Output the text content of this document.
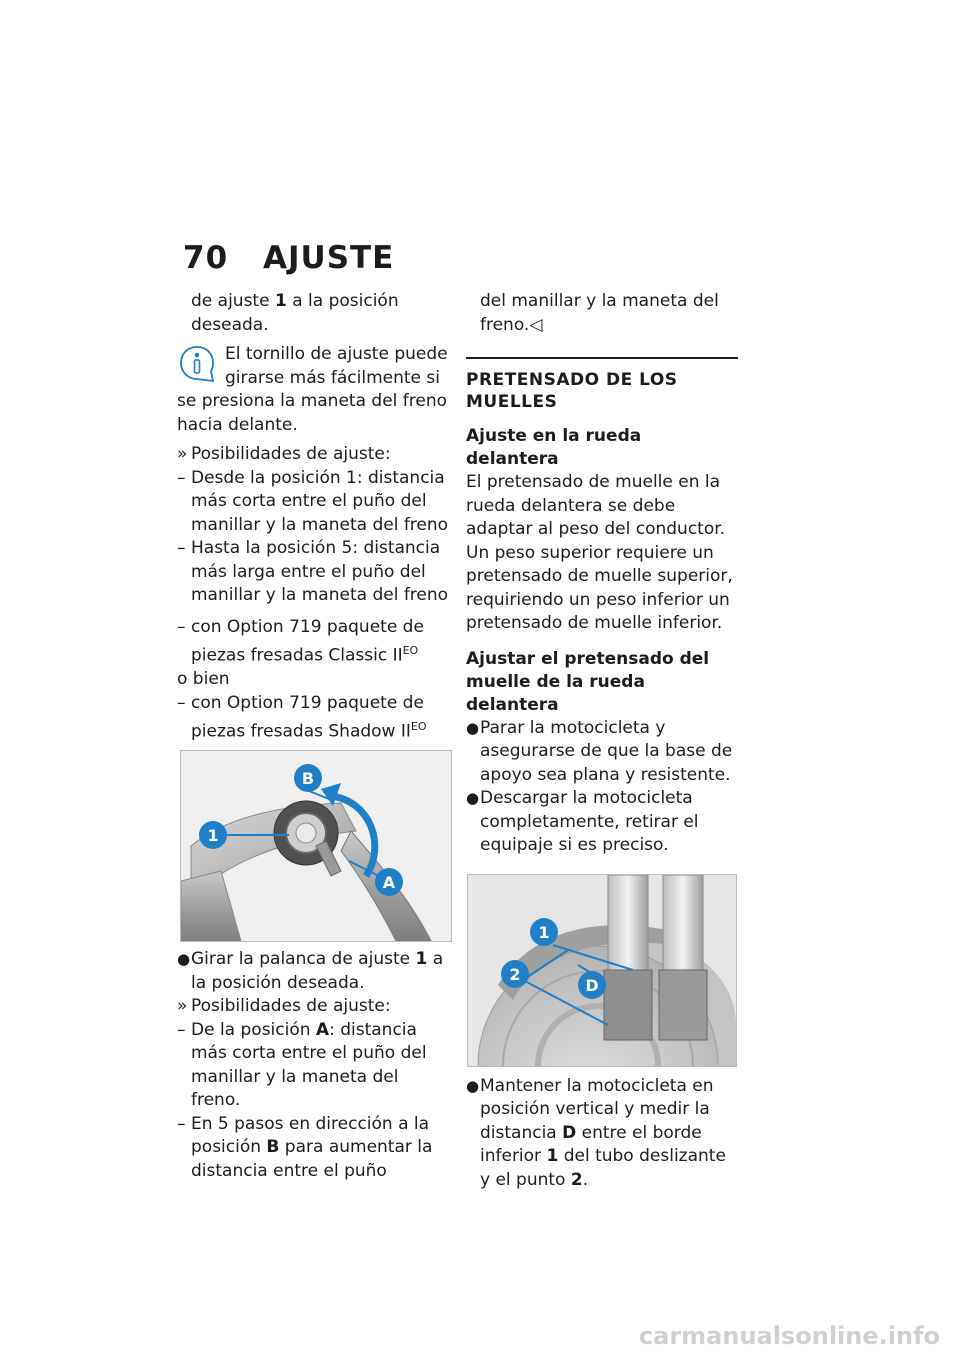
70 AJUSTE

de ajuste 1 a la posición
deseada.

El tornillo de ajuste puede girarse más fácilmente si se presiona la maneta del freno hacia delante.

» Posibilidades de ajuste:
– Desde la posición 1: distancia más corta entre el puño del manillar y la maneta del freno
– Hasta la posición 5: distancia más larga entre el puño del manillar y la maneta del freno
– con Option 719 paquete de piezas fresadas Classic $II^{EO}$
o bien
– con Option 719 paquete de piezas fresadas Shadow $II^{EO}$
1
B
A
● Girar la palanca de ajuste 1 a la posición deseada.
» Posibilidades de ajuste:
– De la posición A: distancia más corta entre el puño del manillar y la maneta del freno.
– En 5 pasos en dirección a la posición B para aumentar la distancia entre el puño

del manillar y la maneta del freno.◁

PRETENSADO DE LOS MUELLES

Ajuste en la rueda delantera

El pretensado de muelle en la rueda delantera se debe adaptar al peso del conductor. Un peso superior requiere un pretensado de muelle superior, requiriendo un peso inferior un pretensado de muelle inferior.

Ajustar el pretensado del muelle de la rueda delantera

● Parar la motocicleta y asegurarse de que la base de apoyo sea plana y resistente.
● Descargar la motocicleta completamente, retirar el equipaje si es preciso.
1
2
D
● Mantener la motocicleta en posición vertical y medir la distancia D entre el borde inferior 1 del tubo deslizante y el punto 2.
carmanualsonline.info
